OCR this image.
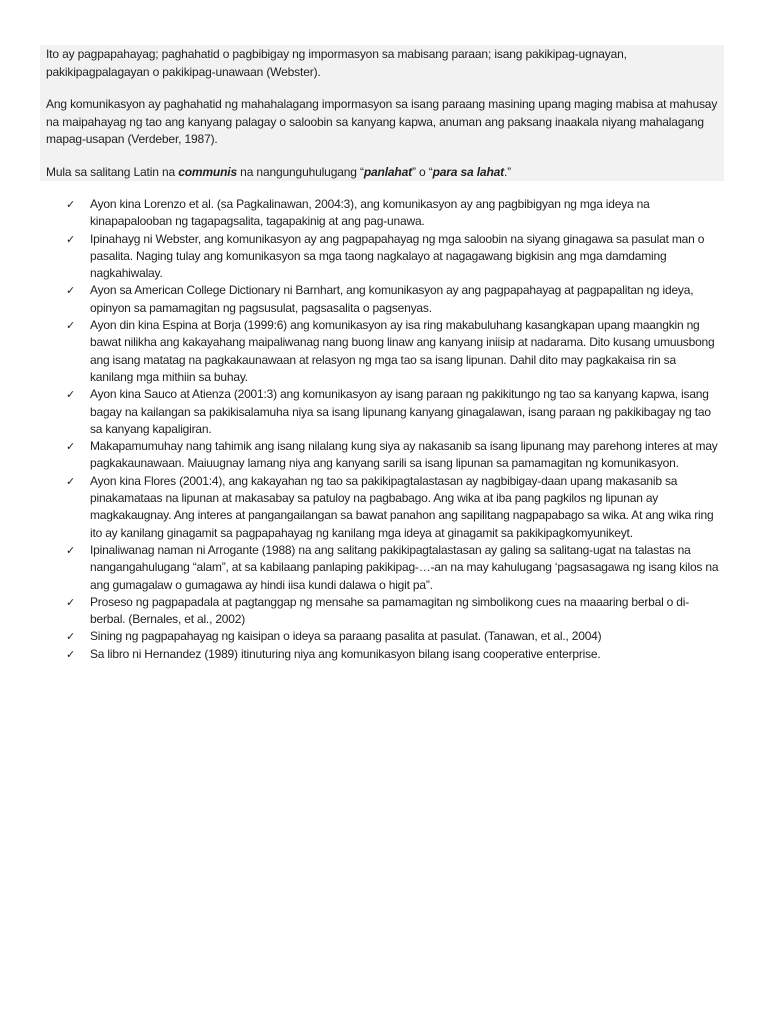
Ito ay pagpapahayag; paghahatid o pagbibigay ng impormasyon sa mabisang paraan; isang pakikipag-ugnayan, pakikipagpalagayan o pakikipag-unawaan (Webster).

Ang komunikasyon ay paghahatid ng mahahalagang impormasyon sa isang paraang masining upang maging mabisa at mahusay na maipahayag ng tao ang kanyang palagay o saloobin sa kanyang kapwa, anuman ang paksang inaakala niyang mahalagang mapag-usapan (Verdeber, 1987).

Mula sa salitang Latin na communis na nangunguhulugang “panlahat” o “para sa lahat.”

✓ Ayon kina Lorenzo et al. (sa Pagkalinawan, 2004:3), ang komunikasyon ay ang pagbibigyan ng mga ideya na kinapapalooban ng tagapagsalita, tagapakinig at ang pag-unawa.
✓ Ipinahayg ni Webster, ang komunikasyon ay ang pagpapahayag ng mga saloobin na siyang ginagawa sa pasulat man o pasalita. Naging tulay ang komunikasyon sa mga taong nagkalayo at nagagawang bigkisin ang mga damdaming nagkahiwalay.
✓ Ayon sa American College Dictionary ni Barnhart, ang komunikasyon ay ang pagpapahayag at pagpapalitan ng ideya, opinyon sa pamamagitan ng pagsusulat, pagsasalita o pagsenyas.
✓ Ayon din kina Espina at Borja (1999:6) ang komunikasyon ay isa ring makabuluhang kasangkapan upang maangkin ng bawat nilikha ang kakayahang maipaliwanag nang buong linaw ang kanyang iniisip at nadarama. Dito kusang umuusbong ang isang matatag na pagkakaunawaan at relasyon ng mga tao sa isang lipunan. Dahil dito may pagkakaisa rin sa kanilang mga mithiin sa buhay.
✓ Ayon kina Sauco at Atienza (2001:3) ang komunikasyon ay isang paraan ng pakikitungo ng tao sa kanyang kapwa, isang bagay na kailangan sa pakikisalamuha niya sa isang lipunang kanyang ginagalawan, isang paraan ng pakikibagay ng tao sa kanyang kapaligiran.
✓ Makapamumuhay nang tahimik ang isang nilalang kung siya ay nakasanib sa isang lipunang may parehong interes at may pagkakaunawaan. Maiuugnay lamang niya ang kanyang sarili sa isang lipunan sa pamamagitan ng komunikasyon.
✓ Ayon kina Flores (2001:4), ang kakayahan ng tao sa pakikipagtalastasan ay nagbibigay-daan upang makasanib sa pinakamataas na lipunan at makasabay sa patuloy na pagbabago. Ang wika at iba pang pagkilos ng lipunan ay magkakaugnay. Ang interes at pangangailangan sa bawat panahon ang sapilitang nagpapabago sa wika. At ang wika ring ito ay kanilang ginagamit sa pagpapahayag ng kanilang mga ideya at ginagamit sa pakikipagkomyunikeyt.
✓ Ipinaliwanag naman ni Arrogante (1988) na ang salitang pakikipagtalastasan ay galing sa salitang-ugat na talastas na nangangahulugang “alam”, at sa kabilaang panlaping pakikipag-…-an na may kahulugang ‘pagsasagawa ng isang kilos na ang gumagalaw o gumagawa ay hindi iisa kundi dalawa o higit pa”.
✓ Proseso ng pagpapadala at pagtanggap ng mensahe sa pamamagitan ng simbolikong cues na maaaring berbal o di-berbal. (Bernales, et al., 2002)
✓ Sining ng pagpapahayag ng kaisipan o ideya sa paraang pasalita at pasulat. (Tanawan, et al., 2004)
✓ Sa libro ni Hernandez (1989) itinuturing niya ang komunikasyon bilang isang cooperative enterprise.
